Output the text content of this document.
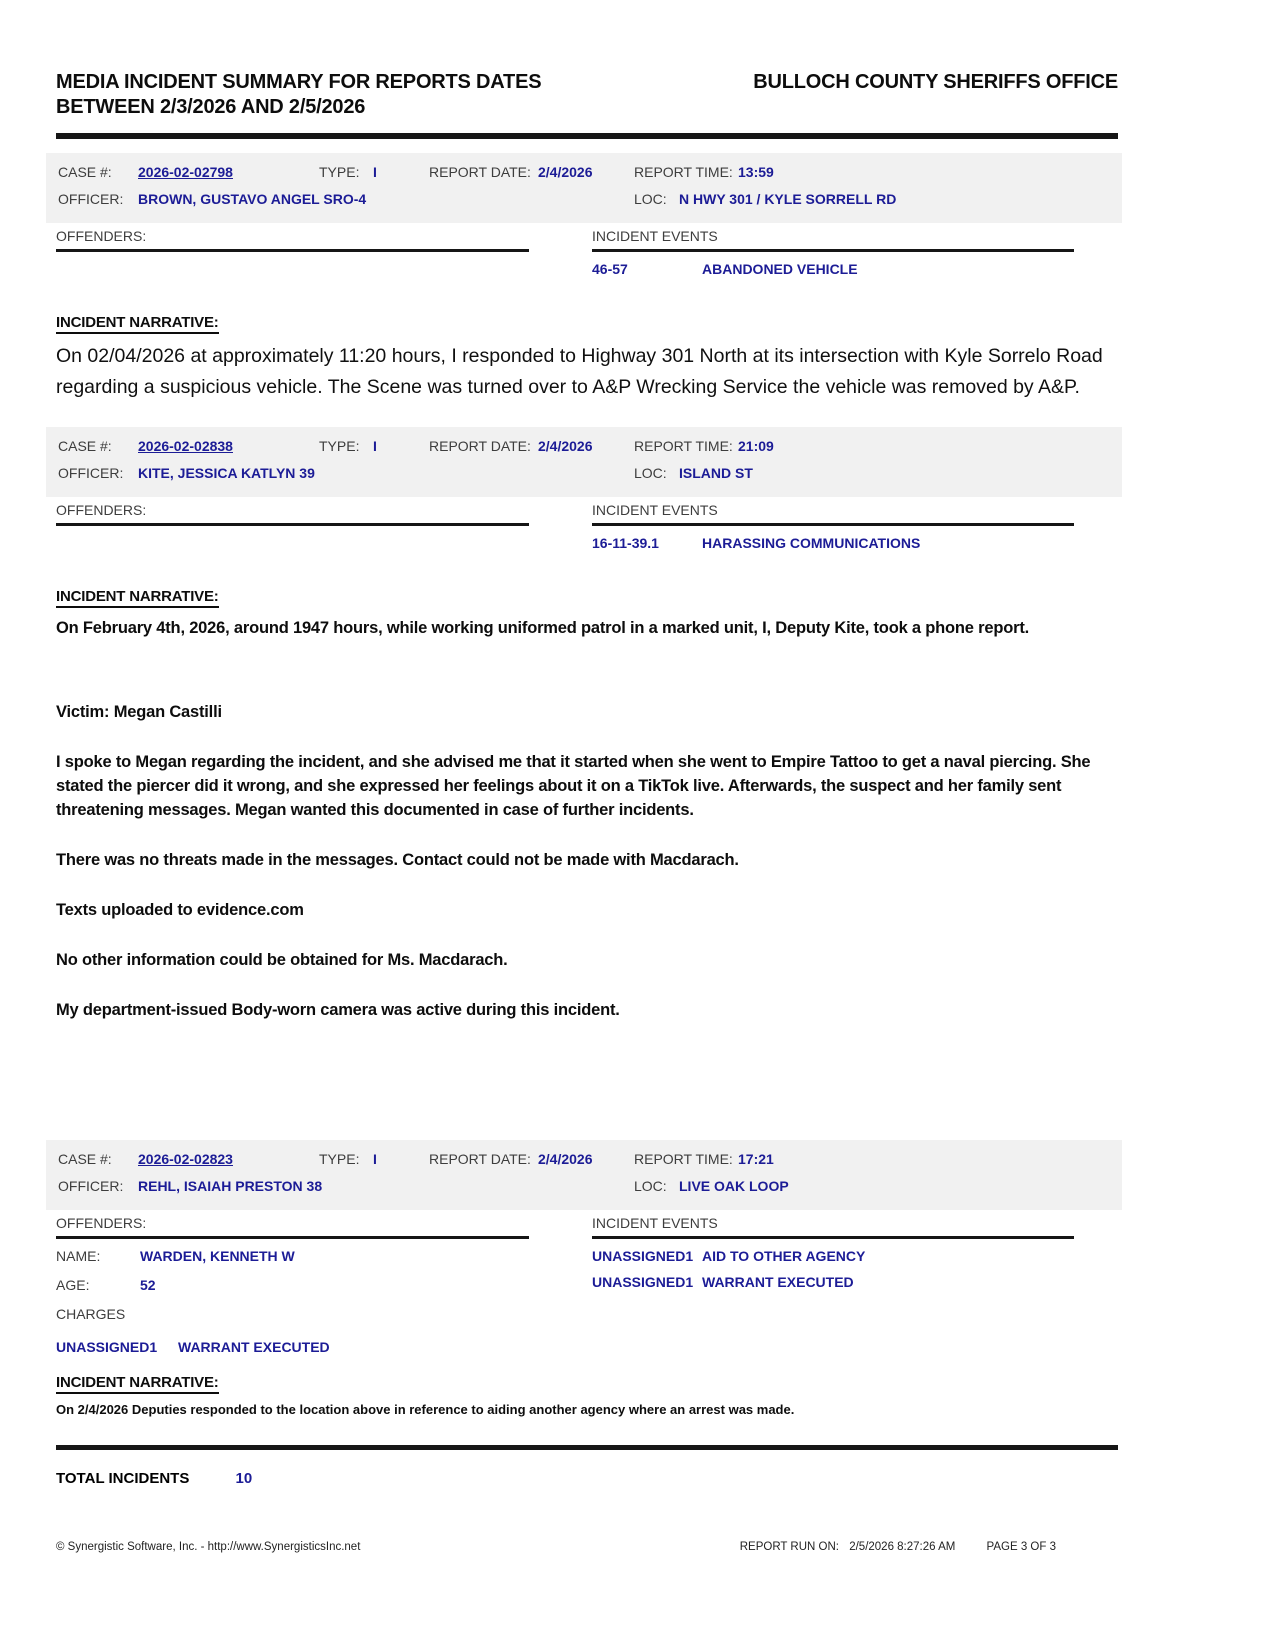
MEDIA INCIDENT SUMMARY FOR REPORTS DATES
BETWEEN 2/3/2026 AND 2/5/2026
BULLOCH COUNTY SHERIFFS OFFICE
CASE #: 2026-02-02798	TYPE: I	REPORT DATE: 2/4/2026	REPORT TIME: 13:59
OFFICER: BROWN, GUSTAVO ANGEL SRO-4	LOC: N HWY 301 / KYLE SORRELL RD
OFFENDERS:	INCIDENT EVENTS
46-57	ABANDONED VEHICLE
INCIDENT NARRATIVE:

On 02/04/2026 at approximately 11:20 hours, I responded to Highway 301 North at its intersection with Kyle Sorrelo Road regarding a suspicious vehicle. The Scene was turned over to A&P Wrecking Service the vehicle was removed by A&P.

CASE #: 2026-02-02838	TYPE: I	REPORT DATE: 2/4/2026	REPORT TIME: 21:09
OFFICER: KITE, JESSICA KATLYN 39	LOC: ISLAND ST
OFFENDERS:	INCIDENT EVENTS
16-11-39.1	HARASSING COMMUNICATIONS
INCIDENT NARRATIVE:

On February 4th, 2026, around 1947 hours, while working uniformed patrol in a marked unit, I, Deputy Kite, took a phone report.

Victim: Megan Castilli

I spoke to Megan regarding the incident, and she advised me that it started when she went to Empire Tattoo to get a naval piercing. She stated the piercer did it wrong, and she expressed her feelings about it on a TikTok live. Afterwards, the suspect and her family sent threatening messages. Megan wanted this documented in case of further incidents.

There was no threats made in the messages. Contact could not be made with Macdarach.

Texts uploaded to evidence.com

No other information could be obtained for Ms. Macdarach.

My department-issued Body-worn camera was active during this incident.

CASE #: 2026-02-02823	TYPE: I	REPORT DATE: 2/4/2026	REPORT TIME: 17:21
OFFICER: REHL, ISAIAH PRESTON 38	LOC: LIVE OAK LOOP
OFFENDERS:
NAME:	WARDEN, KENNETH W
AGE:	52
CHARGES
UNASSIGNED1	WARRANT EXECUTED
INCIDENT EVENTS
UNASSIGNED1 AID TO OTHER AGENCY
UNASSIGNED1 WARRANT EXECUTED
INCIDENT NARRATIVE:

On 2/4/2026 Deputies responded to the location above in reference to aiding another agency where an arrest was made.

TOTAL INCIDENTS	10
© Synergistic Software, Inc. - http://www.SynergisticsInc.net	REPORT RUN ON: 2/5/2026 8:27:26 AM	PAGE 3 OF 3
